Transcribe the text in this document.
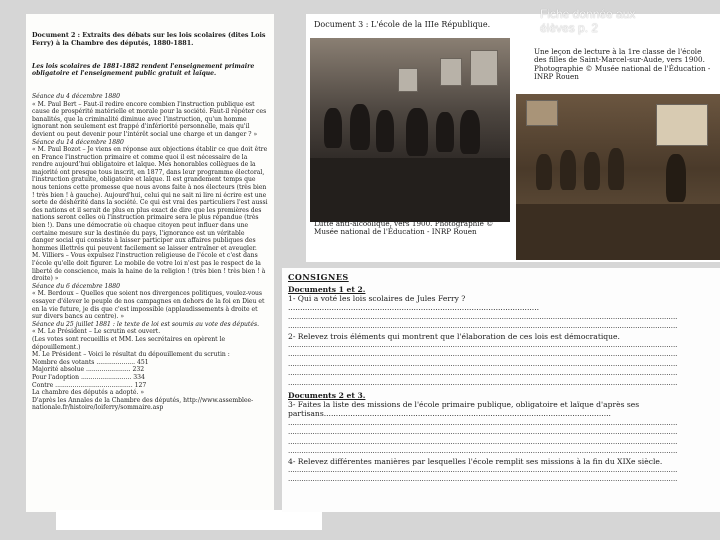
Document 2 : Extraits des débats sur les lois scolaires (dites Lois Ferry) à la Chambre des députés, 1880-1881.

Les lois scolaires de 1881-1882 rendent l'enseignement primaire obligatoire et l'enseignement public gratuit et laïque.

Séance du 4 décembre 1880
« M. Paul Bert – Faut-il redire encore combien l'instruction publique est cause de prospérité matérielle et morale pour la société. Faut-il répéter ces banalités, que la criminalité diminue avec l'instruction, qu'un homme ignorant non seulement est frappé d'infériorité personnelle, mais qu'il devient ou peut devenir pour l'intérêt social une charge et un danger ? »
Séance du 14 décembre 1880
« M. Paul Bozot – Je viens en réponse aux objections établir ce que doit être en France l'instruction primaire et comme quoi il est nécessaire de la rendre aujourd'hui obligatoire et laïque. Mes honorables collègues de la majorité ont presque tous inscrit, en 1877, dans leur programme électoral, l'instruction gratuite, obligatoire et laïque. Il est grandement temps que nous tenions cette promesse que nous avons faite à nos électeurs (très bien ! très bien ! à gauche). Aujourd'hui, celui qui ne sait ni lire ni écrire est une sorte de déshérité dans la société. Ce qui est vrai des particuliers l'est aussi des nations et il serait de plus en plus exact de dire que les premières des nations seront celles où l'instruction primaire sera le plus répandue (très bien !). Dans une démocratie où chaque citoyen peut influer dans une certaine mesure sur la destinée du pays, l'ignorance est un véritable danger social qui consiste à laisser participer aux affaires publiques des hommes illettrés qui peuvent facilement se laisser entraîner et aveugler.
M. Villiers – Vous expulsez l'instruction religieuse de l'école et c'est dans l'école qu'elle doit figurer. Le mobile de votre loi n'est pas le respect de la liberté de conscience, mais la haine de la religion ! (très bien ! très bien ! à droite) »
Séance du 6 décembre 1880
« M. Berdoux – Quelles que soient nos divergences politiques, voulez-vous essayer d'élever le peuple de nos campagnes en dehors de la foi en Dieu et en la vie future, je dis que c'est impossible (applaudissements à droite et sur divers bancs au centre). »
Séance du 25 juillet 1881 : le texte de loi est soumis au vote des députés.
« M. Le Président – Le scrutin est ouvert.
(Les votes sont recueillis et MM. Les secrétaires en opèrent le dépouillement.)
M. Le Président – Voici le résultat du dépouillement du scrutin :
Nombre des votants .................... 451
Majorité absolue ....................... 232
Pour l'adoption .......................... 334
Contre ........................................ 127
La chambre des députés a adopté. »
D'après les Annales de la Chambre des députés, http://www.assemblee-nationale.fr/histoire/loiferry/sommaire.asp

Document 3 : L'école de la IIIe République.
Lutte anti-alcoolique, vers 1900. Photographie © Musée national de l'Éducation - INRP Rouen
Une leçon de lecture à la 1re classe de l'école des filles de Saint-Marcel-sur-Aude, vers 1900. Photographie © Musée national de l'Éducation - INRP Rouen
CONSIGNES
Documents 1 et 2.
1- Qui a voté les lois scolaires de Jules Ferry ? ........................................................................................................
...............................................................................................................................................................................
...............................................................................................................................................................................
2- Relevez trois éléments qui montrent que l'élaboration de ces lois est démocratique.
...............................................................................................................................................................................
...............................................................................................................................................................................
...............................................................................................................................................................................
...............................................................................................................................................................................
...............................................................................................................................................................................
Documents 2 et 3.
3- Faites la liste des missions de l'école primaire publique, obligatoire et laïque d'après ses partisans.......................................................................................................................
...............................................................................................................................................................................
...............................................................................................................................................................................
...............................................................................................................................................................................
...............................................................................................................................................................................
4- Relevez différentes manières par lesquelles l'école remplit ses missions à la fin du XIXe siècle.
...............................................................................................................................................................................
...............................................................................................................................................................................
Fiche donnée aux élèves p. 2
